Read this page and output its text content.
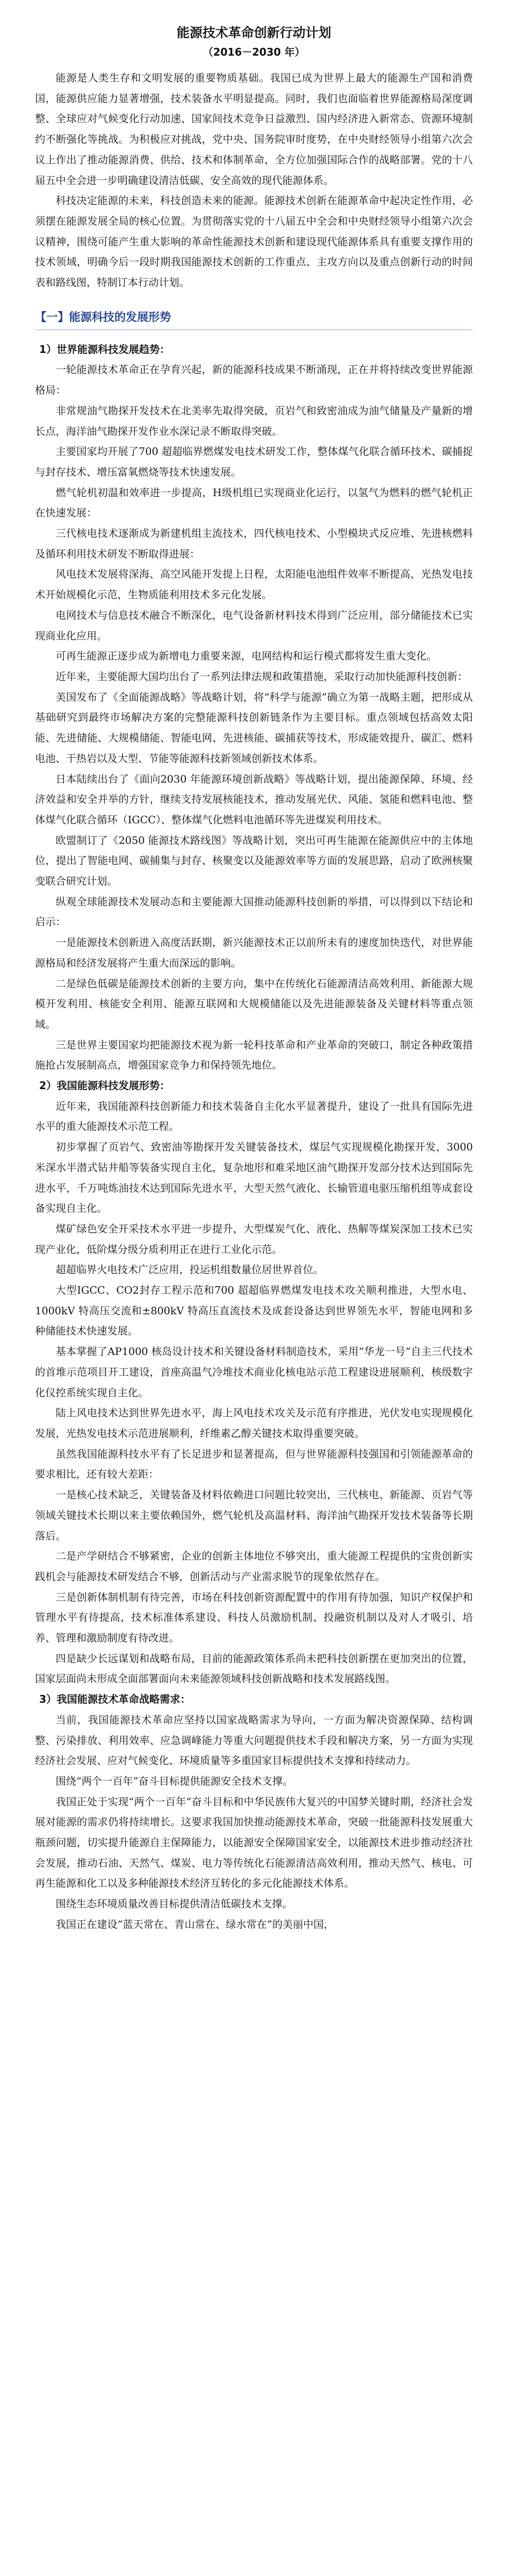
能源技术革命创新行动计划
（2016－2030 年）

能源是人类生存和文明发展的重要物质基础。我国已成为世界上最大的能源生产国和消费国，能源供应能力显著增强，技术装备水平明显提高。同时，我们也面临着世界能源格局深度调整、全球应对气候变化行动加速、国家间技术竞争日益激烈、国内经济进入新常态、资源环境制约不断强化等挑战。为积极应对挑战，党中央、国务院审时度势，在中央财经领导小组第六次会议上作出了推动能源消费、供给、技术和体制革命，全方位加强国际合作的战略部署。党的十八届五中全会进一步明确建设清洁低碳、安全高效的现代能源体系。

科技决定能源的未来，科技创造未来的能源。能源技术创新在能源革命中起决定性作用，必须摆在能源发展全局的核心位置。为贯彻落实党的十八届五中全会和中央财经领导小组第六次会议精神，围绕可能产生重大影响的革命性能源技术创新和建设现代能源体系具有重要支撑作用的技术领域，明确今后一段时期我国能源技术创新的工作重点、主攻方向以及重点创新行动的时间表和路线图，特制订本行动计划。

【一】能源科技的发展形势
1）世界能源科技发展趋势：

一轮能源技术革命正在孕育兴起，新的能源科技成果不断涌现，正在并将持续改变世界能源格局：

非常规油气勘探开发技术在北美率先取得突破，页岩气和致密油成为油气储量及产量新的增长点，海洋油气勘探开发作业水深记录不断取得突破。

主要国家均开展了700 超超临界燃煤发电技术研发工作，整体煤气化联合循环技术、碳捕捉与封存技术、增压富氧燃烧等技术快速发展。

燃气轮机初温和效率进一步提高，H级机组已实现商业化运行，以氢气为燃料的燃气轮机正在快速发展：

三代核电技术逐渐成为新建机组主流技术，四代核电技术、小型模块式反应堆、先进核燃料及循环利用技术研发不断取得进展：

风电技术发展将深海、高空风能开发提上日程，太阳能电池组件效率不断提高，光热发电技术开始规模化示范，生物质能利用技术多元化发展。

电网技术与信息技术融合不断深化，电气设备新材料技术得到广泛应用，部分储能技术已实现商业化应用。

可再生能源正逐步成为新增电力重要来源，电网结构和运行模式都将发生重大变化。

近年来，主要能源大国均出台了一系列法律法规和政策措施，采取行动加快能源科技创新：

美国发布了《全面能源战略》等战略计划，将“科学与能源”确立为第一战略主题，把形成从基础研究到最终市场解决方案的完整能源科技创新链条作为主要目标。重点领域包括高效太阳能、先进储能、大规模储能、智能电网、先进核能、碳捕获等技术，形成能效提升、碳汇、燃料电池、干热岩以及大型、节能等能源科技新领域创新技术体系。

日本陆续出台了《面向2030 年能源环境创新战略》等战略计划，提出能源保障、环境、经济效益和安全并举的方针，继续支持发展核能技术，推动发展光伏、风能、氢能和燃料电池、整体煤气化联合循环（IGCC）、整体煤气化燃料电池循环等先进煤炭利用技术。

欧盟制订了《2050 能源技术路线图》等战略计划，突出可再生能源在能源供应中的主体地位，提出了智能电网、碳捕集与封存、核聚变以及能源效率等方面的发展思路，启动了欧洲核聚变联合研究计划。

纵观全球能源技术发展动态和主要能源大国推动能源科技创新的举措，可以得到以下结论和启示：

一是能源技术创新进入高度活跃期，新兴能源技术正以前所未有的速度加快迭代，对世界能源格局和经济发展将产生重大而深远的影响。

二是绿色低碳是能源技术创新的主要方向，集中在传统化石能源清洁高效利用、新能源大规模开发利用、核能安全利用、能源互联网和大规模储能以及先进能源装备及关键材料等重点领域。

三是世界主要国家均把能源技术视为新一轮科技革命和产业革命的突破口，制定各种政策措施抢占发展制高点，增强国家竞争力和保持领先地位。

2）我国能源科技发展形势：

近年来，我国能源科技创新能力和技术装备自主化水平显著提升，建设了一批具有国际先进水平的重大能源技术示范工程。

初步掌握了页岩气、致密油等勘探开发关键装备技术，煤层气实现规模化勘探开发，3000 米深水半潜式钻井船等装备实现自主化，复杂地形和难采地区油气勘探开发部分技术达到国际先进水平，千万吨炼油技术达到国际先进水平，大型天然气液化、长输管道电驱压缩机组等成套设备实现自主化。

煤矿绿色安全开采技术水平进一步提升，大型煤炭气化、液化、热解等煤炭深加工技术已实现产业化，低阶煤分级分质利用正在进行工业化示范。

超超临界火电技术广泛应用，投运机组数量位居世界首位。

大型IGCC、CO2封存工程示范和700 超超临界燃煤发电技术攻关顺利推进，大型水电、1000kV 特高压交流和±800kV 特高压直流技术及成套设备达到世界领先水平，智能电网和多种储能技术快速发展。

基本掌握了AP1000 核岛设计技术和关键设备材料制造技术，采用“华龙一号”自主三代技术的首堆示范项目开工建设，首座高温气冷堆技术商业化核电站示范工程建设进展顺利，核级数字化仪控系统实现自主化。

陆上风电技术达到世界先进水平，海上风电技术攻关及示范有序推进，光伏发电实现规模化发展，光热发电技术示范进展顺利，纤维素乙醇关键技术取得重要突破。

虽然我国能源科技水平有了长足进步和显著提高，但与世界能源科技强国和引领能源革命的要求相比，还有较大差距：

一是核心技术缺乏，关键装备及材料依赖进口问题比较突出，三代核电、新能源、页岩气等领域关键技术长期以来主要依赖国外，燃气轮机及高温材料、海洋油气勘探开发技术装备等长期落后。

二是产学研结合不够紧密，企业的创新主体地位不够突出，重大能源工程提供的宝贵创新实践机会与能源技术研发结合不够，创新活动与产业需求脱节的现象依然存在。

三是创新体制机制有待完善，市场在科技创新资源配置中的作用有待加强，知识产权保护和管理水平有待提高，技术标准体系建设、科技人员激励机制、投融资机制以及对人才吸引、培养、管理和激励制度有待改进。

四是缺少长远谋划和战略布局，目前的能源政策体系尚未把科技创新摆在更加突出的位置，国家层面尚未形成全面部署面向未来能源领域科技创新战略和技术发展路线图。

3）我国能源技术革命战略需求：

当前，我国能源技术革命应坚持以国家战略需求为导向，一方面为解决资源保障、结构调整、污染排放、利用效率、应急调峰能力等重大问题提供技术手段和解决方案，另一方面为实现经济社会发展、应对气候变化、环境质量等多重国家目标提供技术支撑和持续动力。

围绕“两个一百年”奋斗目标提供能源安全技术支撑。

我国正处于实现“两个一百年”奋斗目标和中华民族伟大复兴的中国梦关键时期，经济社会发展对能源的需求仍将持续增长。这要求我国加快推动能源技术革命，突破一批能源科技发展重大瓶颈问题，切实提升能源自主保障能力，以能源安全保障国家安全，以能源技术进步推动经济社会发展，推动石油、天然气、煤炭、电力等传统化石能源清洁高效利用，推动天然气、核电、可再生能源和化工以及多种能源技术经济互转化的多元化能源技术体系。

围绕生态环境质量改善目标提供清洁低碳技术支撑。

我国正在建设“蓝天常在、青山常在、绿水常在”的美丽中国，
